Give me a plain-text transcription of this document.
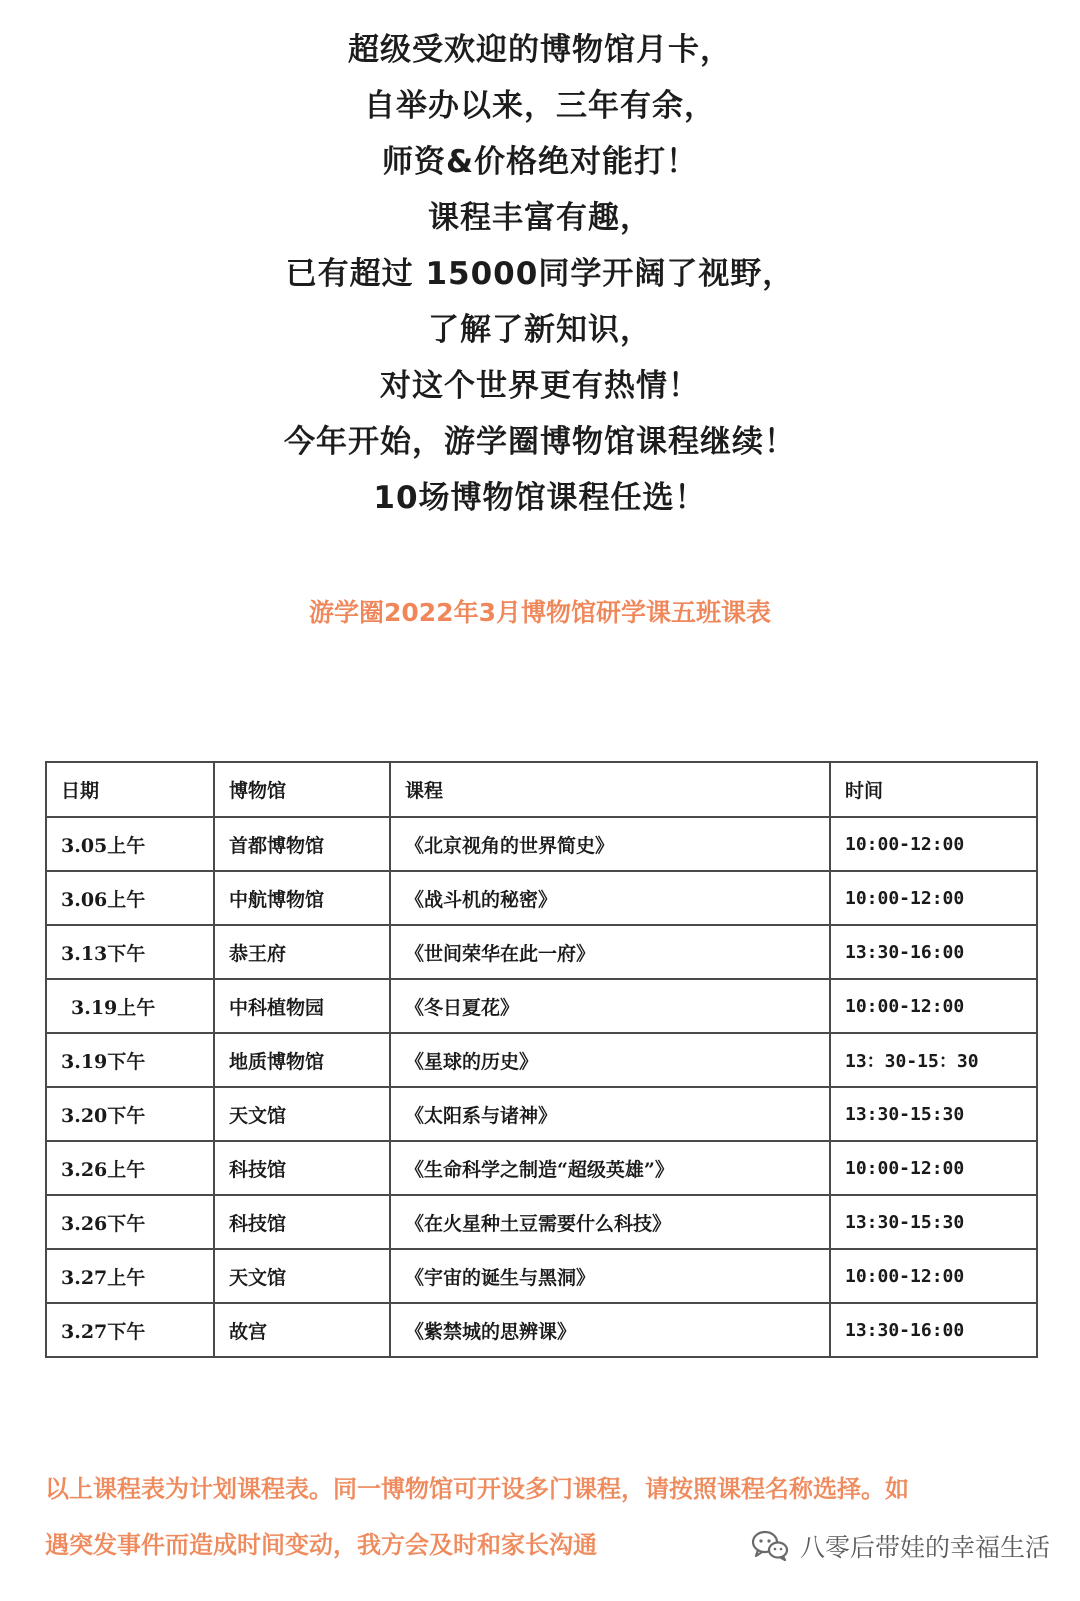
超级受欢迎的博物馆月卡，
自举办以来，三年有余，
师资&价格绝对能打！
课程丰富有趣，
已有超过 15000同学开阔了视野，
了解了新知识，
对这个世界更有热情！
今年开始，游学圈博物馆课程继续！
10场博物馆课程任选！
游学圈2022年3月博物馆研学课五班课表
日期	博物馆	课程	时间
3.05上午	首都博物馆	《北京视角的世界简史》	10:00-12:00
3.06上午	中航博物馆	《战斗机的秘密》	10:00-12:00
3.13下午	恭王府	《世间荣华在此一府》	13:30-16:00
3.19上午	中科植物园	《冬日夏花》	10:00-12:00
3.19下午	地质博物馆	《星球的历史》	13：30-15：30
3.20下午	天文馆	《太阳系与诸神》	13:30-15:30
3.26上午	科技馆	《生命科学之制造“超级英雄”》	10:00-12:00
3.26下午	科技馆	《在火星种土豆需要什么科技》	13:30-15:30
3.27上午	天文馆	《宇宙的诞生与黑洞》	10:00-12:00
3.27下午	故宫	《紫禁城的思辨课》	13:30-16:00
以上课程表为计划课程表。同一博物馆可开设多门课程，请按照课程名称选择。如
遇突发事件而造成时间变动，我方会及时和家长沟通	八零后带娃的幸福生活
